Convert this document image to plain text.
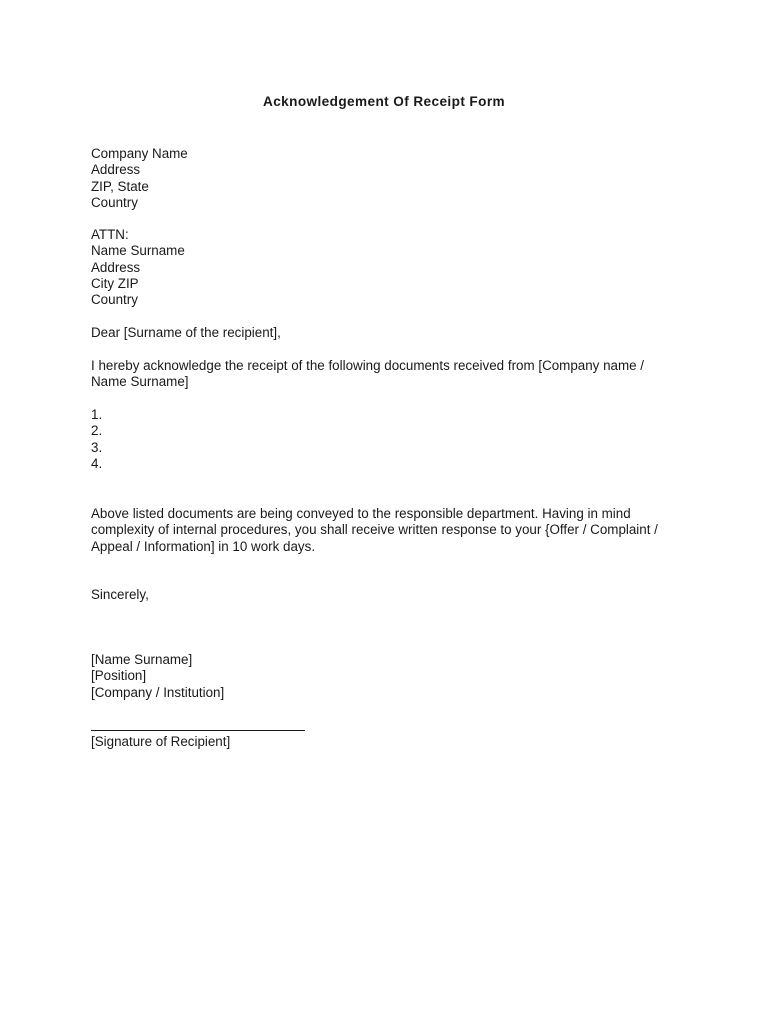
Acknowledgement Of Receipt Form
Company Name
Address
ZIP, State
Country
ATTN:
Name Surname
Address
City ZIP
Country
Dear [Surname of the recipient],
I hereby acknowledge the receipt of the following documents received from [Company name /
Name Surname]
1.
2.
3.
4.
Above listed documents are being conveyed to the responsible department. Having in mind
complexity of internal procedures, you shall receive written response to your {Offer / Complaint /
Appeal / Information] in 10 work days.
Sincerely,
[Name Surname]
[Position]
[Company / Institution]
[Signature of Recipient]
